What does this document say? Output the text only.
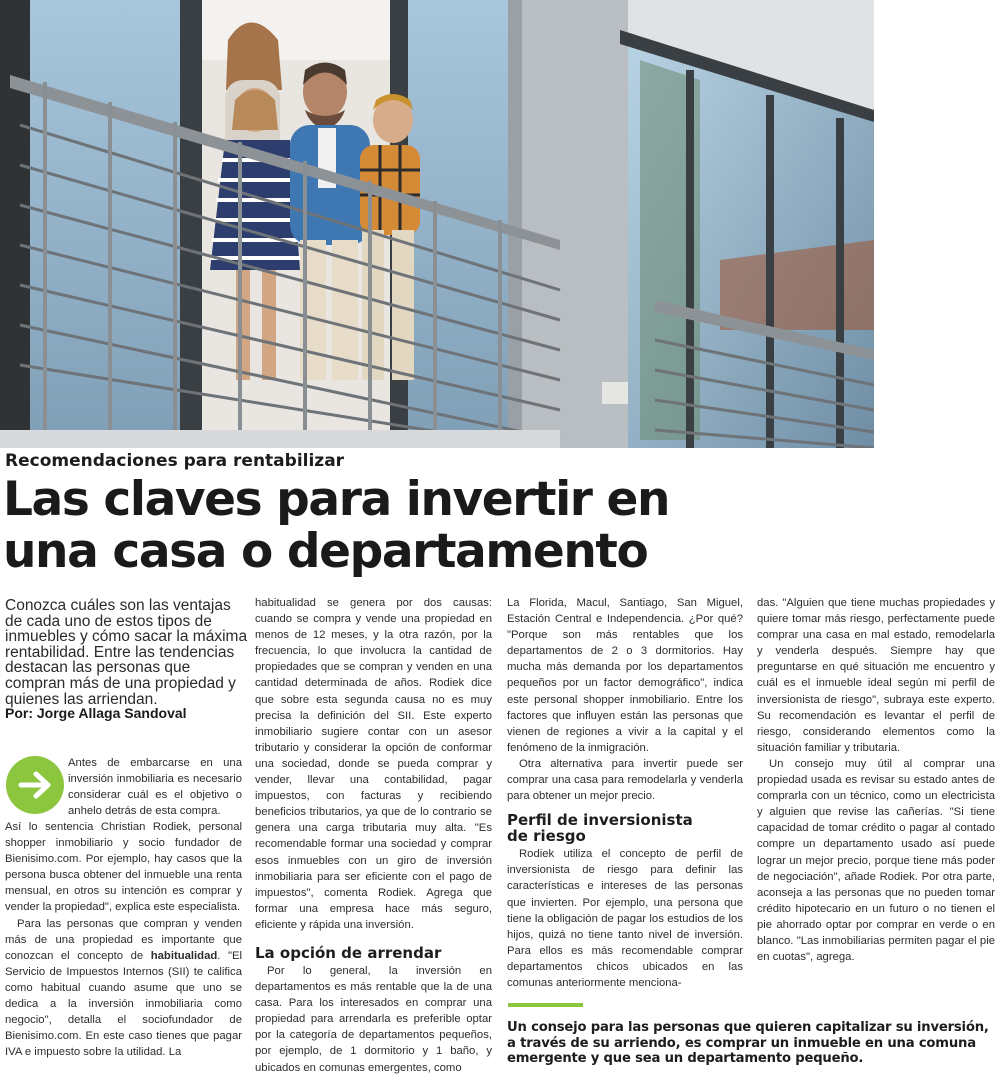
Recomendaciones para rentabilizar
Las claves para invertir en
una casa o departamento

Conozca cuáles son las ventajas de cada uno de estos tipos de inmuebles y cómo sacar la máxima rentabilidad. Entre las tendencias destacan las personas que compran más de una propiedad y quienes las arriendan.

Por: Jorge Allaga Sandoval

Antes de embarcarse en una inversión inmobiliaria es necesario considerar cuál es el objetivo o anhelo detrás de esta compra.

Así lo sentencia Christian Rodiek, personal shopper inmobiliario y socio fundador de Bienisimo.com. Por ejemplo, hay casos que la persona busca obtener del inmueble una renta mensual, en otros su intención es comprar y vender la propiedad", explica este especialista.

Para las personas que compran y venden más de una propiedad es importante que conozcan el concepto de habitualidad. "El Servicio de Impuestos Internos (SII) te califica como habitual cuando asume que uno se dedica a la inversión inmobiliaria como negocio", detalla el sociofundador de Bienisimo.com. En este caso tienes que pagar IVA e impuesto sobre la utilidad. La

habitualidad se genera por dos causas: cuando se compra y vende una propiedad en menos de 12 meses, y la otra razón, por la frecuencia, lo que involucra la cantidad de propiedades que se compran y venden en una cantidad determinada de años. Rodiek dice que sobre esta segunda causa no es muy precisa la definición del SII. Este experto inmobiliario sugiere contar con un asesor tributario y considerar la opción de conformar una sociedad, donde se pueda comprar y vender, llevar una contabilidad, pagar impuestos, con facturas y recibiendo beneficios tributarios, ya que de lo contrario se genera una carga tributaria muy alta. "Es recomendable formar una sociedad y comprar esos inmuebles con un giro de inversión inmobiliaria para ser eficiente con el pago de impuestos", comenta Rodiek. Agrega que formar una empresa hace más seguro, eficiente y rápida una inversión.

La opción de arrendar

Por lo general, la inversión en departamentos es más rentable que la de una casa. Para los interesados en comprar una propiedad para arrendarla es preferible optar por la categoría de departamentos pequeños, por ejemplo, de 1 dormitorio y 1 baño, y ubicados en comunas emergentes, como

La Florida, Macul, Santiago, San Miguel, Estación Central e Independencia. ¿Por qué? "Porque son más rentables que los departamentos de 2 o 3 dormitorios. Hay mucha más demanda por los departamentos pequeños por un factor demográfico", indica este personal shopper inmobiliario. Entre los factores que influyen están las personas que vienen de regiones a vivir a la capital y el fenómeno de la inmigración.

Otra alternativa para invertir puede ser comprar una casa para remodelarla y venderla para obtener un mejor precio.

Perfil de inversionista de riesgo

Rodiek utiliza el concepto de perfil de inversionista de riesgo para definir las características e intereses de las personas que invierten. Por ejemplo, una persona que tiene la obligación de pagar los estudios de los hijos, quizá no tiene tanto nivel de inversión. Para ellos es más recomendable comprar departamentos chicos ubicados en las comunas anteriormente menciona-

das. "Alguien que tiene muchas propiedades y quiere tomar más riesgo, perfectamente puede comprar una casa en mal estado, remodelarla y venderla después. Siempre hay que preguntarse en qué situación me encuentro y cuál es el inmueble ideal según mi perfil de inversionista de riesgo", subraya este experto. Su recomendación es levantar el perfil de riesgo, considerando elementos como la situación familiar y tributaria.

Un consejo muy útil al comprar una propiedad usada es revisar su estado antes de comprarla con un técnico, como un electricista y alguien que revise las cañerías. "Si tiene capacidad de tomar crédito o pagar al contado compre un departamento usado así puede lograr un mejor precio, porque tiene más poder de negociación", añade Rodiek. Por otra parte, aconseja a las personas que no pueden tomar crédito hipotecario en un futuro o no tienen el pie ahorrado optar por comprar en verde o en blanco. "Las inmobiliarias permiten pagar el pie en cuotas", agrega.

Un consejo para las personas que quieren capitalizar su inversión, a través de su arriendo, es comprar un inmueble en una comuna emergente y que sea un departamento pequeño.
